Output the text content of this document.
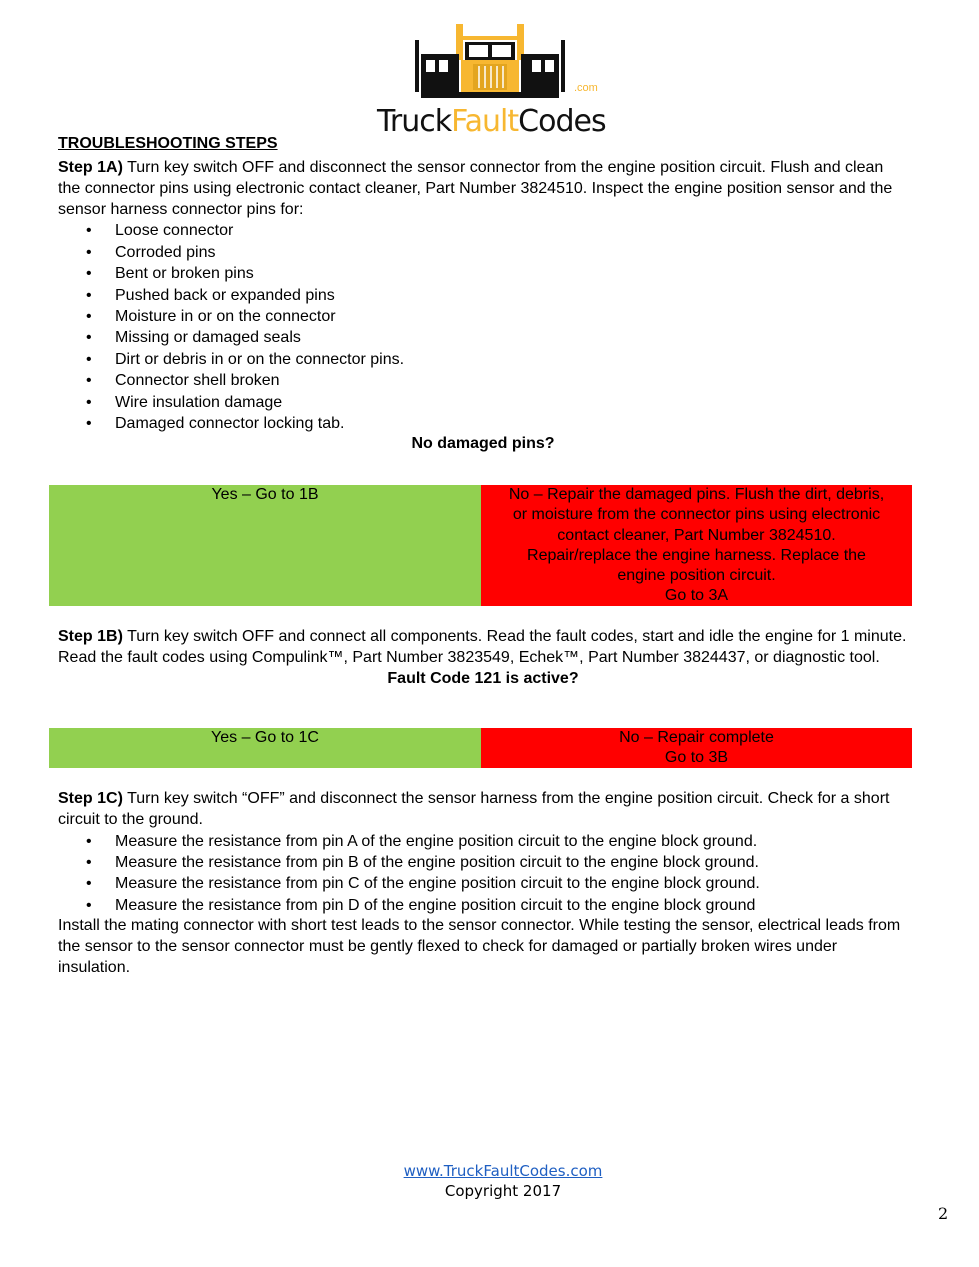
TruckFaultCodes
.com
TROUBLESHOOTING STEPS

Step 1A) Turn key switch OFF and disconnect the sensor connector from the engine position circuit. Flush and clean the connector pins using electronic contact cleaner, Part Number 3824510. Inspect the engine position sensor and the sensor harness connector pins for:

• Loose connector
• Corroded pins
• Bent or broken pins
• Pushed back or expanded pins
• Moisture in or on the connector
• Missing or damaged seals
• Dirt or debris in or on the connector pins.
• Connector shell broken
• Wire insulation damage
• Damaged connector locking tab.
No damaged pins?
Yes – Go to 1B	No – Repair the damaged pins. Flush the dirt, debris,
or moisture from the connector pins using electronic
contact cleaner, Part Number 3824510.
Repair/replace the engine harness. Replace the
engine position circuit.
Go to 3A

Step 1B) Turn key switch OFF and connect all components. Read the fault codes, start and idle the engine for 1 minute. Read the fault codes using Compulink™, Part Number 3823549, Echek™, Part Number 3824437, or diagnostic tool.

Fault Code 121 is active?
Yes – Go to 1C	No – Repair complete
Go to 3B

Step 1C) Turn key switch “OFF” and disconnect the sensor harness from the engine position circuit. Check for a short circuit to the ground.

• Measure the resistance from pin A of the engine position circuit to the engine block ground.
• Measure the resistance from pin B of the engine position circuit to the engine block ground.
• Measure the resistance from pin C of the engine position circuit to the engine block ground.
• Measure the resistance from pin D of the engine position circuit to the engine block ground

Install the mating connector with short test leads to the sensor connector. While testing the sensor, electrical leads from the sensor to the sensor connector must be gently flexed to check for damaged or partially broken wires under insulation.

www.TruckFaultCodes.com
Copyright 2017
2
